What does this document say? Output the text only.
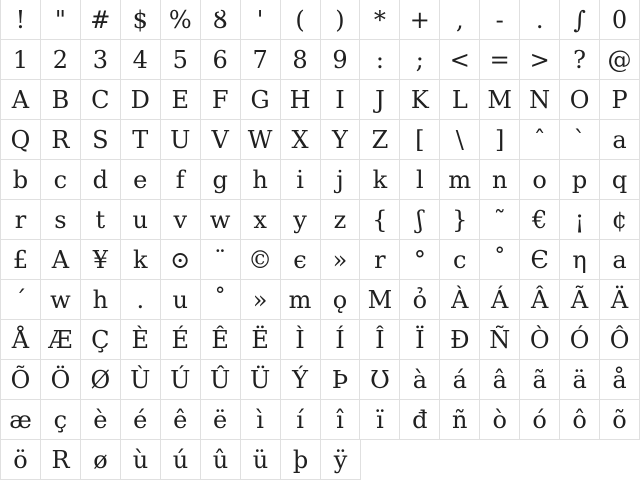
! " # $ % Ȣ ' ( ) * + , - . ∫ 0
1 2 3 4 5 6 7 8 9 : ; < = > ? @
A B C D E F G H I J K L M N O P
Q R S T U V W X Y Z [ \ ] ˆ ` a
b c d e f g h i j k l m n o p q
r s t u v w x y z { ʃ } ˜ € ¡ ¢
£ A ¥ k ⊙ ¨ © є » r ° c ˚ Є η a
´ w h . u ˚ » m ǫ M ỏ À Á Â Ã Ä
Å Æ Ç È É Ê Ë Ì Í Î Ï Ð Ñ Ò Ó Ô
Õ Ö Ø Ù Ú Û Ü Ý Þ Ʊ à á â ã ä å
æ ç è é ê ë ì í î ï đ ñ ò ó ô õ
ö R ø ù ú û ü þ ÿ
